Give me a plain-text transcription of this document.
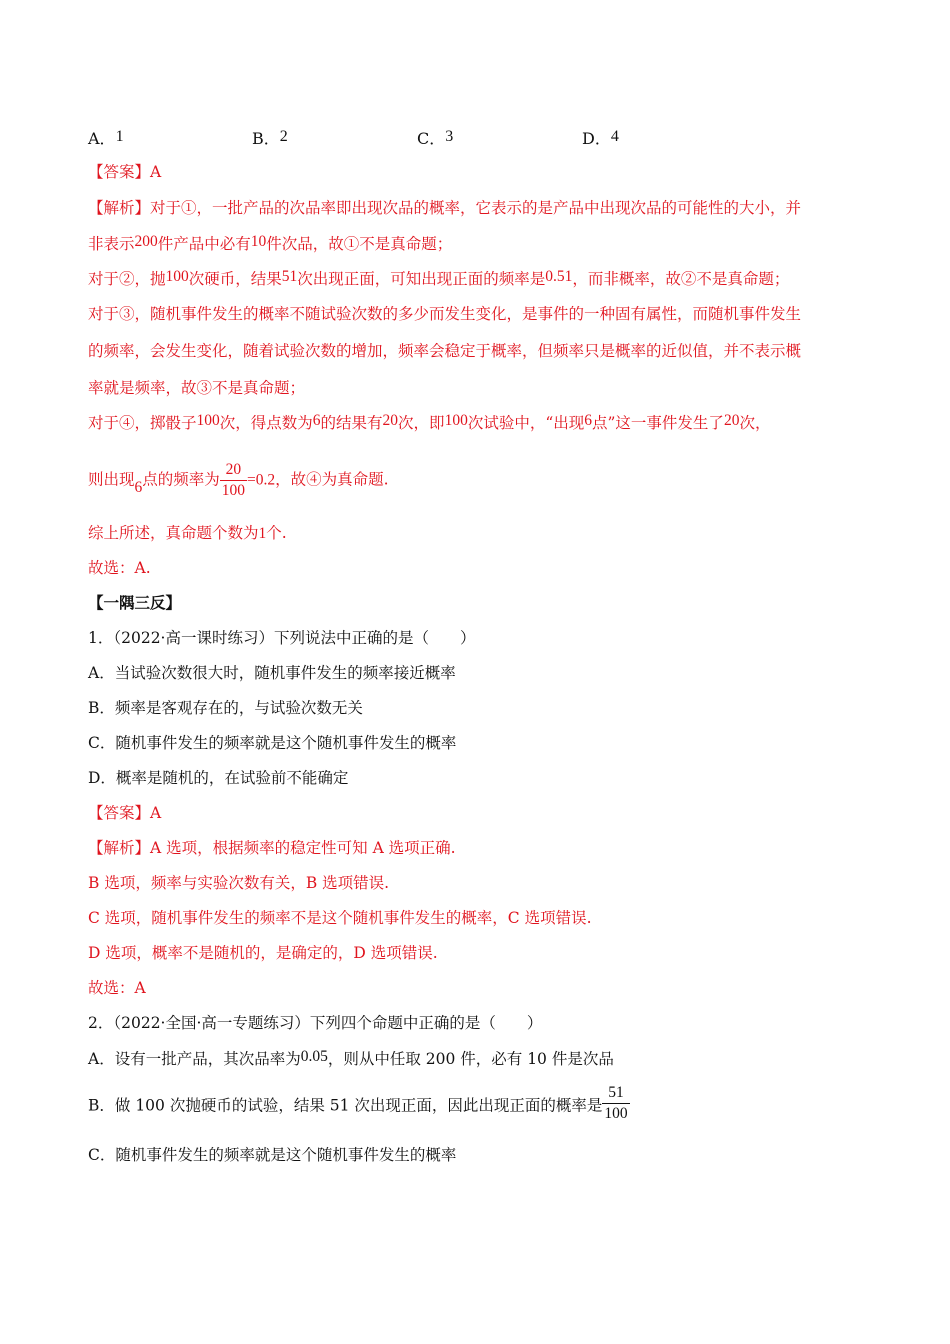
A．1	B．2	C．3	D．4
【答案】A
【解析】对于①，一批产品的次品率即出现次品的概率，它表示的是产品中出现次品的可能性的大小，并
非表示200件产品中必有10件次品，故①不是真命题；
对于②，抛100次硬币，结果51次出现正面，可知出现正面的频率是0.51，而非概率，故②不是真命题；
对于③，随机事件发生的概率不随试验次数的多少而发生变化，是事件的一种固有属性，而随机事件发生
的频率，会发生变化，随着试验次数的增加，频率会稳定于概率，但频率只是概率的近似值，并不表示概
率就是频率，故③不是真命题；
对于④，掷骰子100次，得点数为6的结果有20次，即100次试验中，“出现6点”这一事件发生了20次，
则出现6点的频率为 $\frac{20}{100} =0.2$，故④为真命题.
综上所述，真命题个数为1个.
故选：A.
【一隅三反】
1．（2022·高一课时练习）下列说法中正确的是（　　）
A．当试验次数很大时，随机事件发生的频率接近概率
B．频率是客观存在的，与试验次数无关
C．随机事件发生的频率就是这个随机事件发生的概率
D．概率是随机的，在试验前不能确定
【答案】A
【解析】A 选项，根据频率的稳定性可知 A 选项正确.
B 选项，频率与实验次数有关，B 选项错误.
C 选项，随机事件发生的频率不是这个随机事件发生的概率，C 选项错误.
D 选项，概率不是随机的，是确定的，D 选项错误.
故选：A
2．（2022·全国·高一专题练习）下列四个命题中正确的是（　　）
A．设有一批产品，其次品率为0.05，则从中任取 200 件，必有 10 件是次品
B．做 100 次抛硬币的试验，结果 51 次出现正面，因此出现正面的概率是 $\frac{51}{100}$
C．随机事件发生的频率就是这个随机事件发生的概率
